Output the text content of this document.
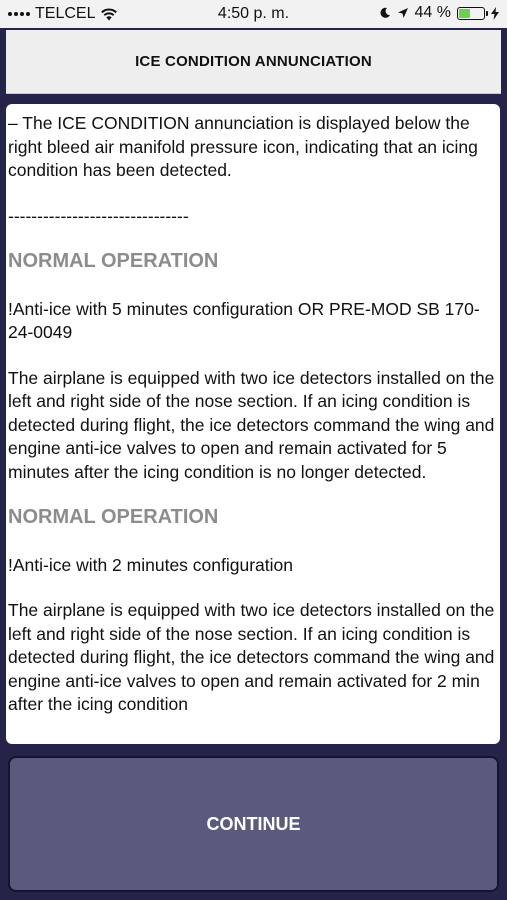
TELCEL	4:50 p. m.	44 %
ICE CONDITION ANNUNCIATION

– The ICE CONDITION annunciation is displayed below the right bleed air manifold pressure icon, indicating that an icing condition has been detected.

-------------------------------
NORMAL OPERATION

!Anti-ice with 5 minutes configuration OR PRE-MOD SB 170-24-0049

The airplane is equipped with two ice detectors installed on the left and right side of the nose section. If an icing condition is detected during flight, the ice detectors command the wing and engine anti-ice valves to open and remain activated for 5 minutes after the icing condition is no longer detected.

NORMAL OPERATION

!Anti-ice with 2 minutes configuration

The airplane is equipped with two ice detectors installed on the left and right side of the nose section. If an icing condition is detected during flight, the ice detectors command the wing and engine anti-ice valves to open and remain activated for 2 min after the icing condition

CONTINUE
